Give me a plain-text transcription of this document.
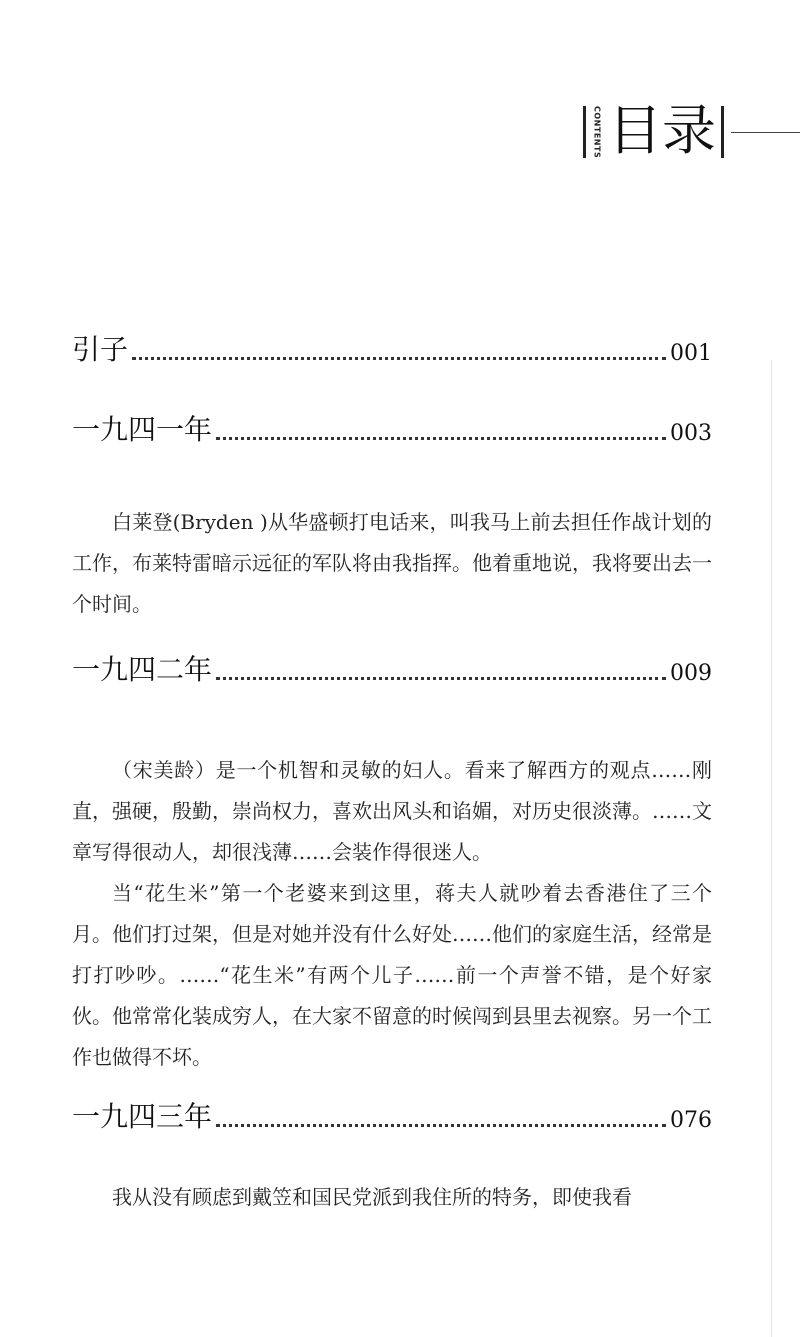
CONTENTS 目录
引子	001
一九四一年	003

白莱登(Bryden )从华盛顿打电话来，叫我马上前去担任作战计划的工作，布莱特雷暗示远征的军队将由我指挥。他着重地说，我将要出去一个时间。

一九四二年	009

（宋美龄）是一个机智和灵敏的妇人。看来了解西方的观点……刚直，强硬，殷勤，崇尚权力，喜欢出风头和谄媚，对历史很淡薄。……文章写得很动人，却很浅薄……会装作得很迷人。

当“花生米”第一个老婆来到这里，蒋夫人就吵着去香港住了三个月。他们打过架，但是对她并没有什么好处……他们的家庭生活，经常是打打吵吵。……“花生米”有两个儿子……前一个声誉不错，是个好家伙。他常常化装成穷人，在大家不留意的时候闯到县里去视察。另一个工作也做得不坏。

一九四三年	076

我从没有顾虑到戴笠和国民党派到我住所的特务，即使我看
